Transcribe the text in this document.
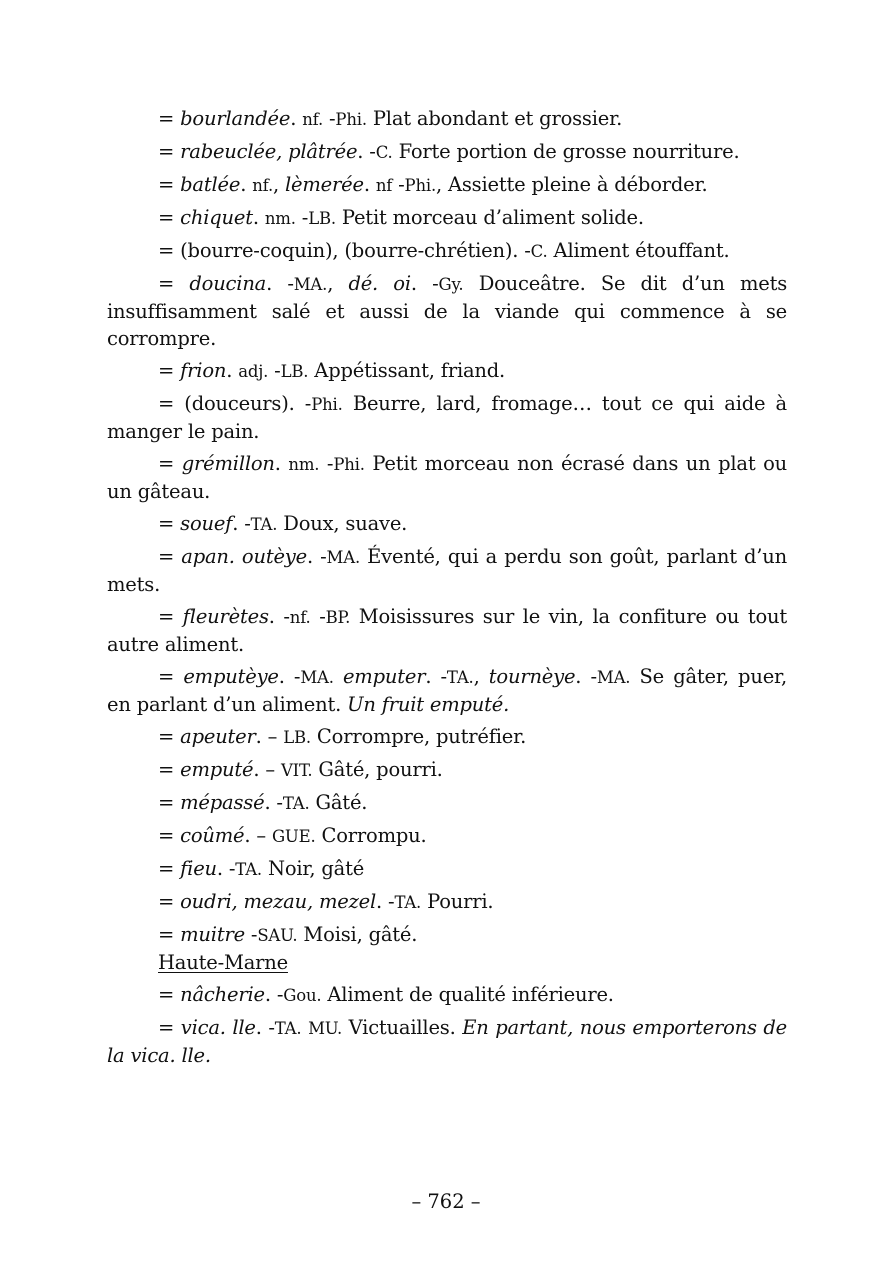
= bourlandée. nf. -Phi. Plat abondant et grossier.

= rabeuclée, plâtrée. -C. Forte portion de grosse nourriture.

= batlée. nf., lèmerée. nf -Phi., Assiette pleine à déborder.

= chiquet. nm. -LB. Petit morceau d’aliment solide.

= (bourre-coquin), (bourre-chrétien). -C. Aliment étouffant.

= doucina. -MA., dé. oi. -Gy. Douceâtre. Se dit d’un mets insuffisamment salé et aussi de la viande qui commence à se corrompre.

= frion. adj. -LB. Appétissant, friand.

= (douceurs). -Phi. Beurre, lard, fromage… tout ce qui aide à manger le pain.

= grémillon. nm. -Phi. Petit morceau non écrasé dans un plat ou un gâteau.

= souef. -TA. Doux, suave.

= apan. outèye. -MA. Éventé, qui a perdu son goût, parlant d’un mets.

= fleurètes. -nf. -BP. Moisissures sur le vin, la confiture ou tout autre aliment.

= emputèye. -MA. emputer. -TA., tournèye. -MA. Se gâter, puer, en parlant d’un aliment. Un fruit emputé.

= apeuter. – LB. Corrompre, putréfier.

= emputé. – VIT. Gâté, pourri.

= mépassé. -TA. Gâté.

= coûmé. – GUE. Corrompu.

= fieu. -TA. Noir, gâté

= oudri, mezau, mezel. -TA. Pourri.

= muitre -SAU. Moisi, gâté.

Haute-Marne

= nâcherie. -Gou. Aliment de qualité inférieure.

= vica. lle. -TA. MU. Victuailles. En partant, nous emporterons de la vica. lle.

– 762 –
